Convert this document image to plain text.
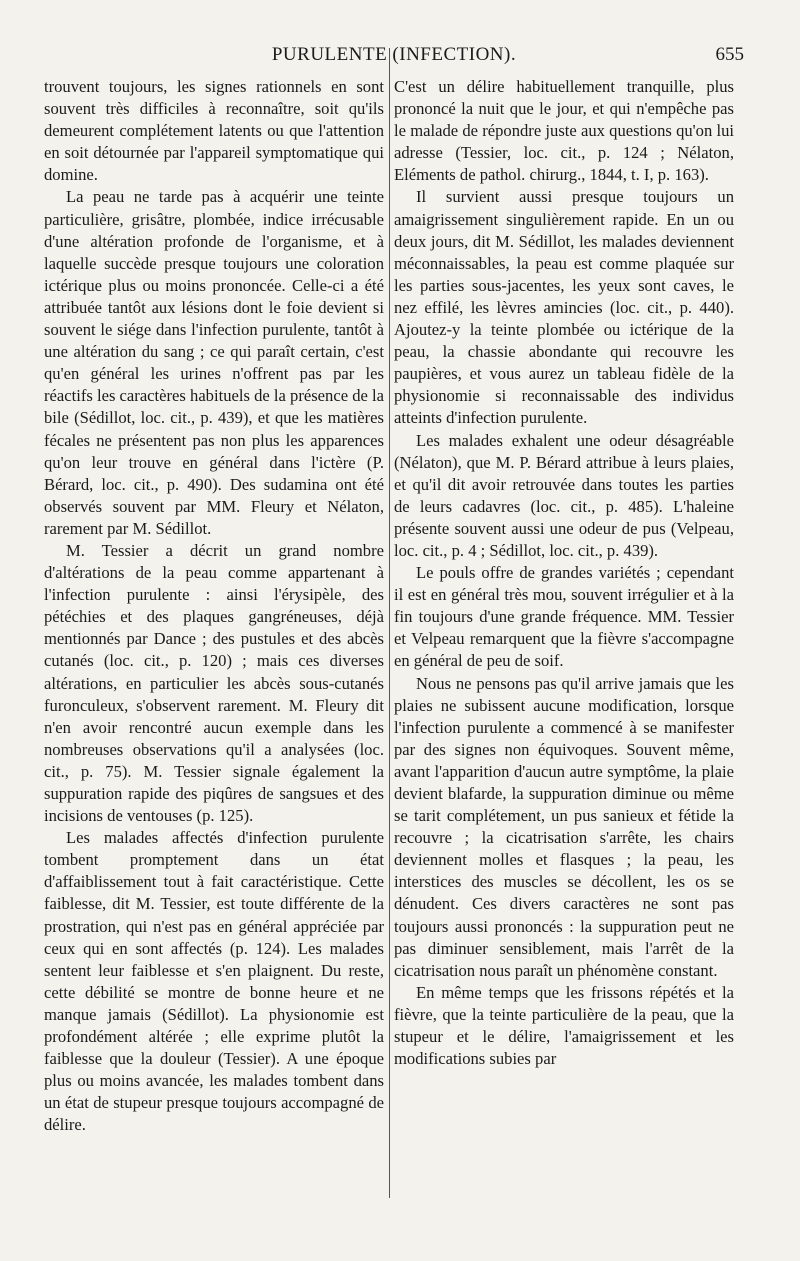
PURULENTE (INFECTION).	655

trouvent toujours, les signes rationnels en sont souvent très difficiles à reconnaître, soit qu'ils demeurent complétement latents ou que l'attention en soit détournée par l'appareil symptomatique qui domine.

La peau ne tarde pas à acquérir une teinte particulière, grisâtre, plombée, indice irrécusable d'une altération profonde de l'organisme, et à laquelle succède presque toujours une coloration ictérique plus ou moins prononcée. Celle-ci a été attribuée tantôt aux lésions dont le foie devient si souvent le siége dans l'infection purulente, tantôt à une altération du sang ; ce qui paraît certain, c'est qu'en général les urines n'offrent pas par les réactifs les caractères habituels de la présence de la bile (Sédillot, loc. cit., p. 439), et que les matières fécales ne présentent pas non plus les apparences qu'on leur trouve en général dans l'ictère (P. Bérard, loc. cit., p. 490). Des sudamina ont été observés souvent par MM. Fleury et Nélaton, rarement par M. Sédillot.

M. Tessier a décrit un grand nombre d'altérations de la peau comme appartenant à l'infection purulente : ainsi l'érysipèle, des pétéchies et des plaques gangréneuses, déjà mentionnés par Dance ; des pustules et des abcès cutanés (loc. cit., p. 120) ; mais ces diverses altérations, en particulier les abcès sous-cutanés furonculeux, s'observent rarement. M. Fleury dit n'en avoir rencontré aucun exemple dans les nombreuses observations qu'il a analysées (loc. cit., p. 75). M. Tessier signale également la suppuration rapide des piqûres de sangsues et des incisions de ventouses (p. 125).

Les malades affectés d'infection purulente tombent promptement dans un état d'affaiblissement tout à fait caractéristique. Cette faiblesse, dit M. Tessier, est toute différente de la prostration, qui n'est pas en général appréciée par ceux qui en sont affectés (p. 124). Les malades sentent leur faiblesse et s'en plaignent. Du reste, cette débilité se montre de bonne heure et ne manque jamais (Sédillot). La physionomie est profondément altérée ; elle exprime plutôt la faiblesse que la douleur (Tessier). A une époque plus ou moins avancée, les malades tombent dans un état de stupeur presque toujours accompagné de délire.

C'est un délire habituellement tranquille, plus prononcé la nuit que le jour, et qui n'empêche pas le malade de répondre juste aux questions qu'on lui adresse (Tessier, loc. cit., p. 124 ; Nélaton, Eléments de pathol. chirurg., 1844, t. I, p. 163).

Il survient aussi presque toujours un amaigrissement singulièrement rapide. En un ou deux jours, dit M. Sédillot, les malades deviennent méconnaissables, la peau est comme plaquée sur les parties sous-jacentes, les yeux sont caves, le nez effilé, les lèvres amincies (loc. cit., p. 440). Ajoutez-y la teinte plombée ou ictérique de la peau, la chassie abondante qui recouvre les paupières, et vous aurez un tableau fidèle de la physionomie si reconnaissable des individus atteints d'infection purulente.

Les malades exhalent une odeur désagréable (Nélaton), que M. P. Bérard attribue à leurs plaies, et qu'il dit avoir retrouvée dans toutes les parties de leurs cadavres (loc. cit., p. 485). L'haleine présente souvent aussi une odeur de pus (Velpeau, loc. cit., p. 4 ; Sédillot, loc. cit., p. 439).

Le pouls offre de grandes variétés ; cependant il est en général très mou, souvent irrégulier et à la fin toujours d'une grande fréquence. MM. Tessier et Velpeau remarquent que la fièvre s'accompagne en général de peu de soif.

Nous ne pensons pas qu'il arrive jamais que les plaies ne subissent aucune modification, lorsque l'infection purulente a commencé à se manifester par des signes non équivoques. Souvent même, avant l'apparition d'aucun autre symptôme, la plaie devient blafarde, la suppuration diminue ou même se tarit complétement, un pus sanieux et fétide la recouvre ; la cicatrisation s'arrête, les chairs deviennent molles et flasques ; la peau, les interstices des muscles se décollent, les os se dénudent. Ces divers caractères ne sont pas toujours aussi prononcés : la suppuration peut ne pas diminuer sensiblement, mais l'arrêt de la cicatrisation nous paraît un phénomène constant.

En même temps que les frissons répétés et la fièvre, que la teinte particulière de la peau, que la stupeur et le délire, l'amaigrissement et les modifications subies par
